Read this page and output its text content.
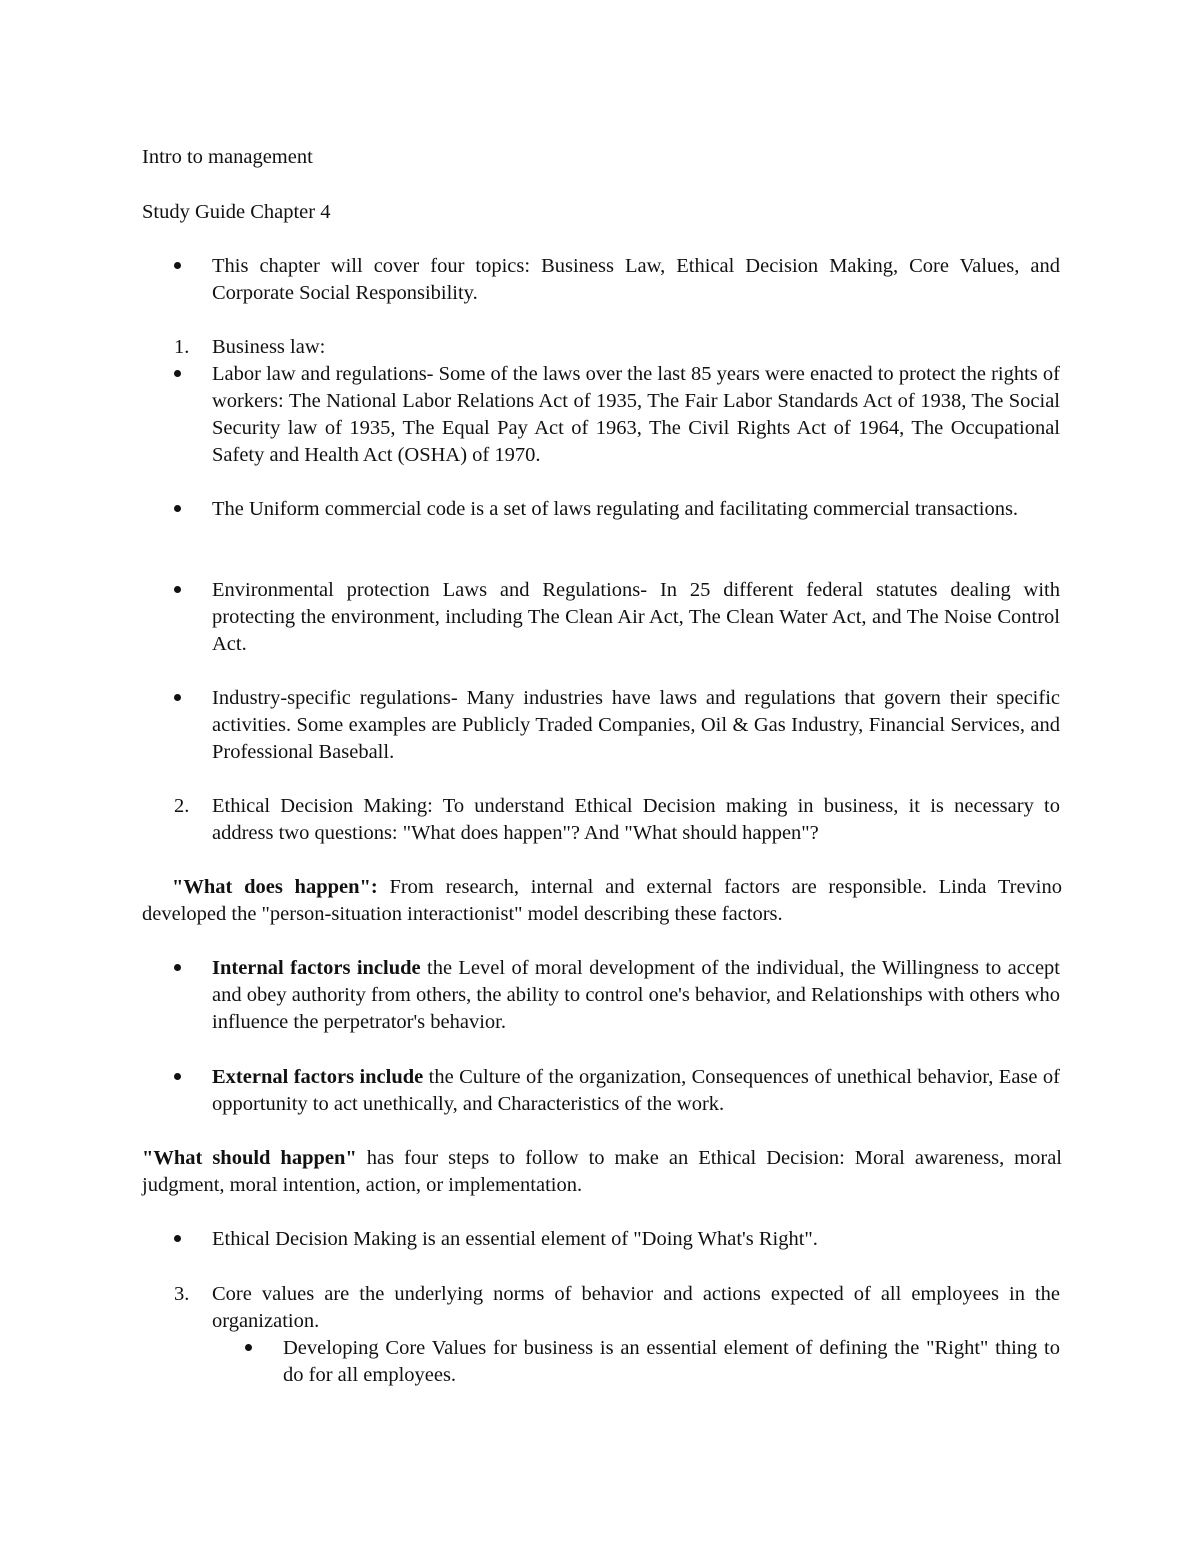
Intro to management

Study Guide Chapter 4

This chapter will cover four topics: Business Law, Ethical Decision Making, Core Values, and Corporate Social Responsibility.
1.	Business law:
Labor law and regulations- Some of the laws over the last 85 years were enacted to protect the rights of workers: The National Labor Relations Act of 1935, The Fair Labor Standards Act of 1938, The Social Security law of 1935, The Equal Pay Act of 1963, The Civil Rights Act of 1964, The Occupational Safety and Health Act (OSHA) of 1970.
The Uniform commercial code is a set of laws regulating and facilitating commercial transactions.
Environmental protection Laws and Regulations- In 25 different federal statutes dealing with protecting the environment, including The Clean Air Act, The Clean Water Act, and The Noise Control Act.
Industry-specific regulations- Many industries have laws and regulations that govern their specific activities. Some examples are Publicly Traded Companies, Oil & Gas Industry, Financial Services, and Professional Baseball.
2.	Ethical Decision Making: To understand Ethical Decision making in business, it is necessary to address two questions: "What does happen"? And "What should happen"?

"What does happen": From research, internal and external factors are responsible. Linda Trevino developed the "person-situation interactionist" model describing these factors.

Internal factors include the Level of moral development of the individual, the Willingness to accept and obey authority from others, the ability to control one's behavior, and Relationships with others who influence the perpetrator's behavior.
External factors include the Culture of the organization, Consequences of unethical behavior, Ease of opportunity to act unethically, and Characteristics of the work.

"What should happen" has four steps to follow to make an Ethical Decision: Moral awareness, moral judgment, moral intention, action, or implementation.

Ethical Decision Making is an essential element of "Doing What's Right".
3.	Core values are the underlying norms of behavior and actions expected of all employees in the organization.
Developing Core Values for business is an essential element of defining the "Right" thing to do for all employees.
